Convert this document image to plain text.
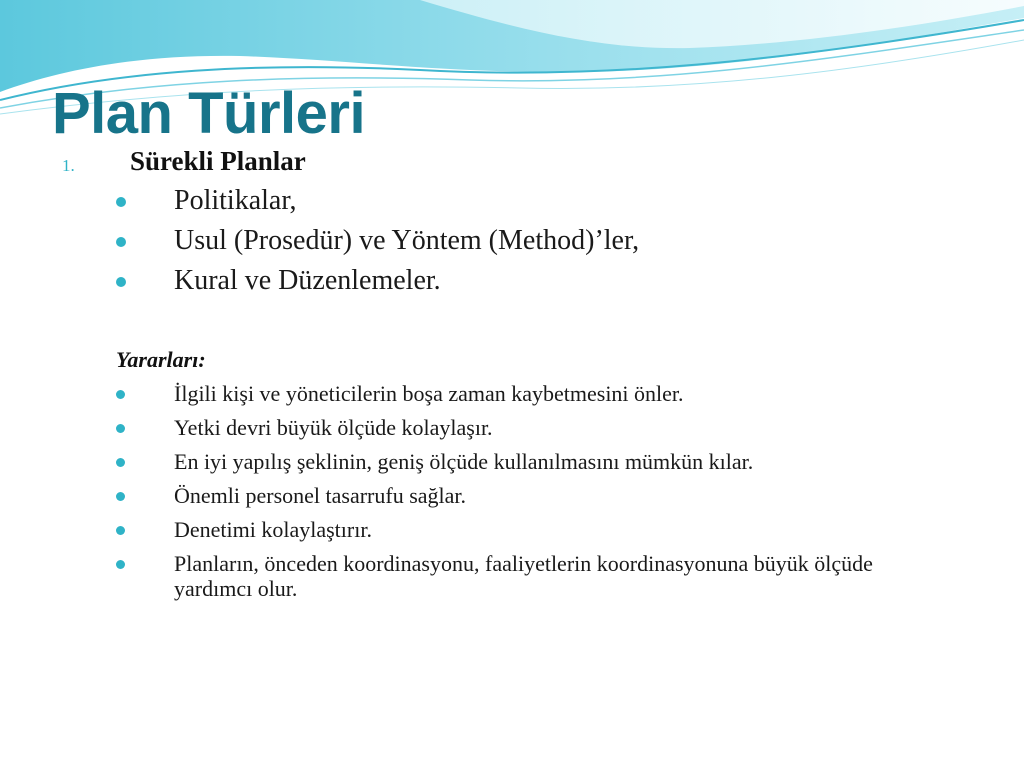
Plan Türleri
1. Sürekli Planlar
Politikalar,
Usul (Prosedür) ve Yöntem (Method)’ler,
Kural ve Düzenlemeler.
Yararları:
İlgili kişi ve yöneticilerin boşa zaman kaybetmesini önler.
Yetki devri büyük ölçüde kolaylaşır.
En iyi yapılış şeklinin, geniş ölçüde kullanılmasını mümkün kılar.
Önemli personel tasarrufu sağlar.
Denetimi kolaylaştırır.
Planların, önceden koordinasyonu, faaliyetlerin koordinasyonuna büyük ölçüde yardımcı olur.
